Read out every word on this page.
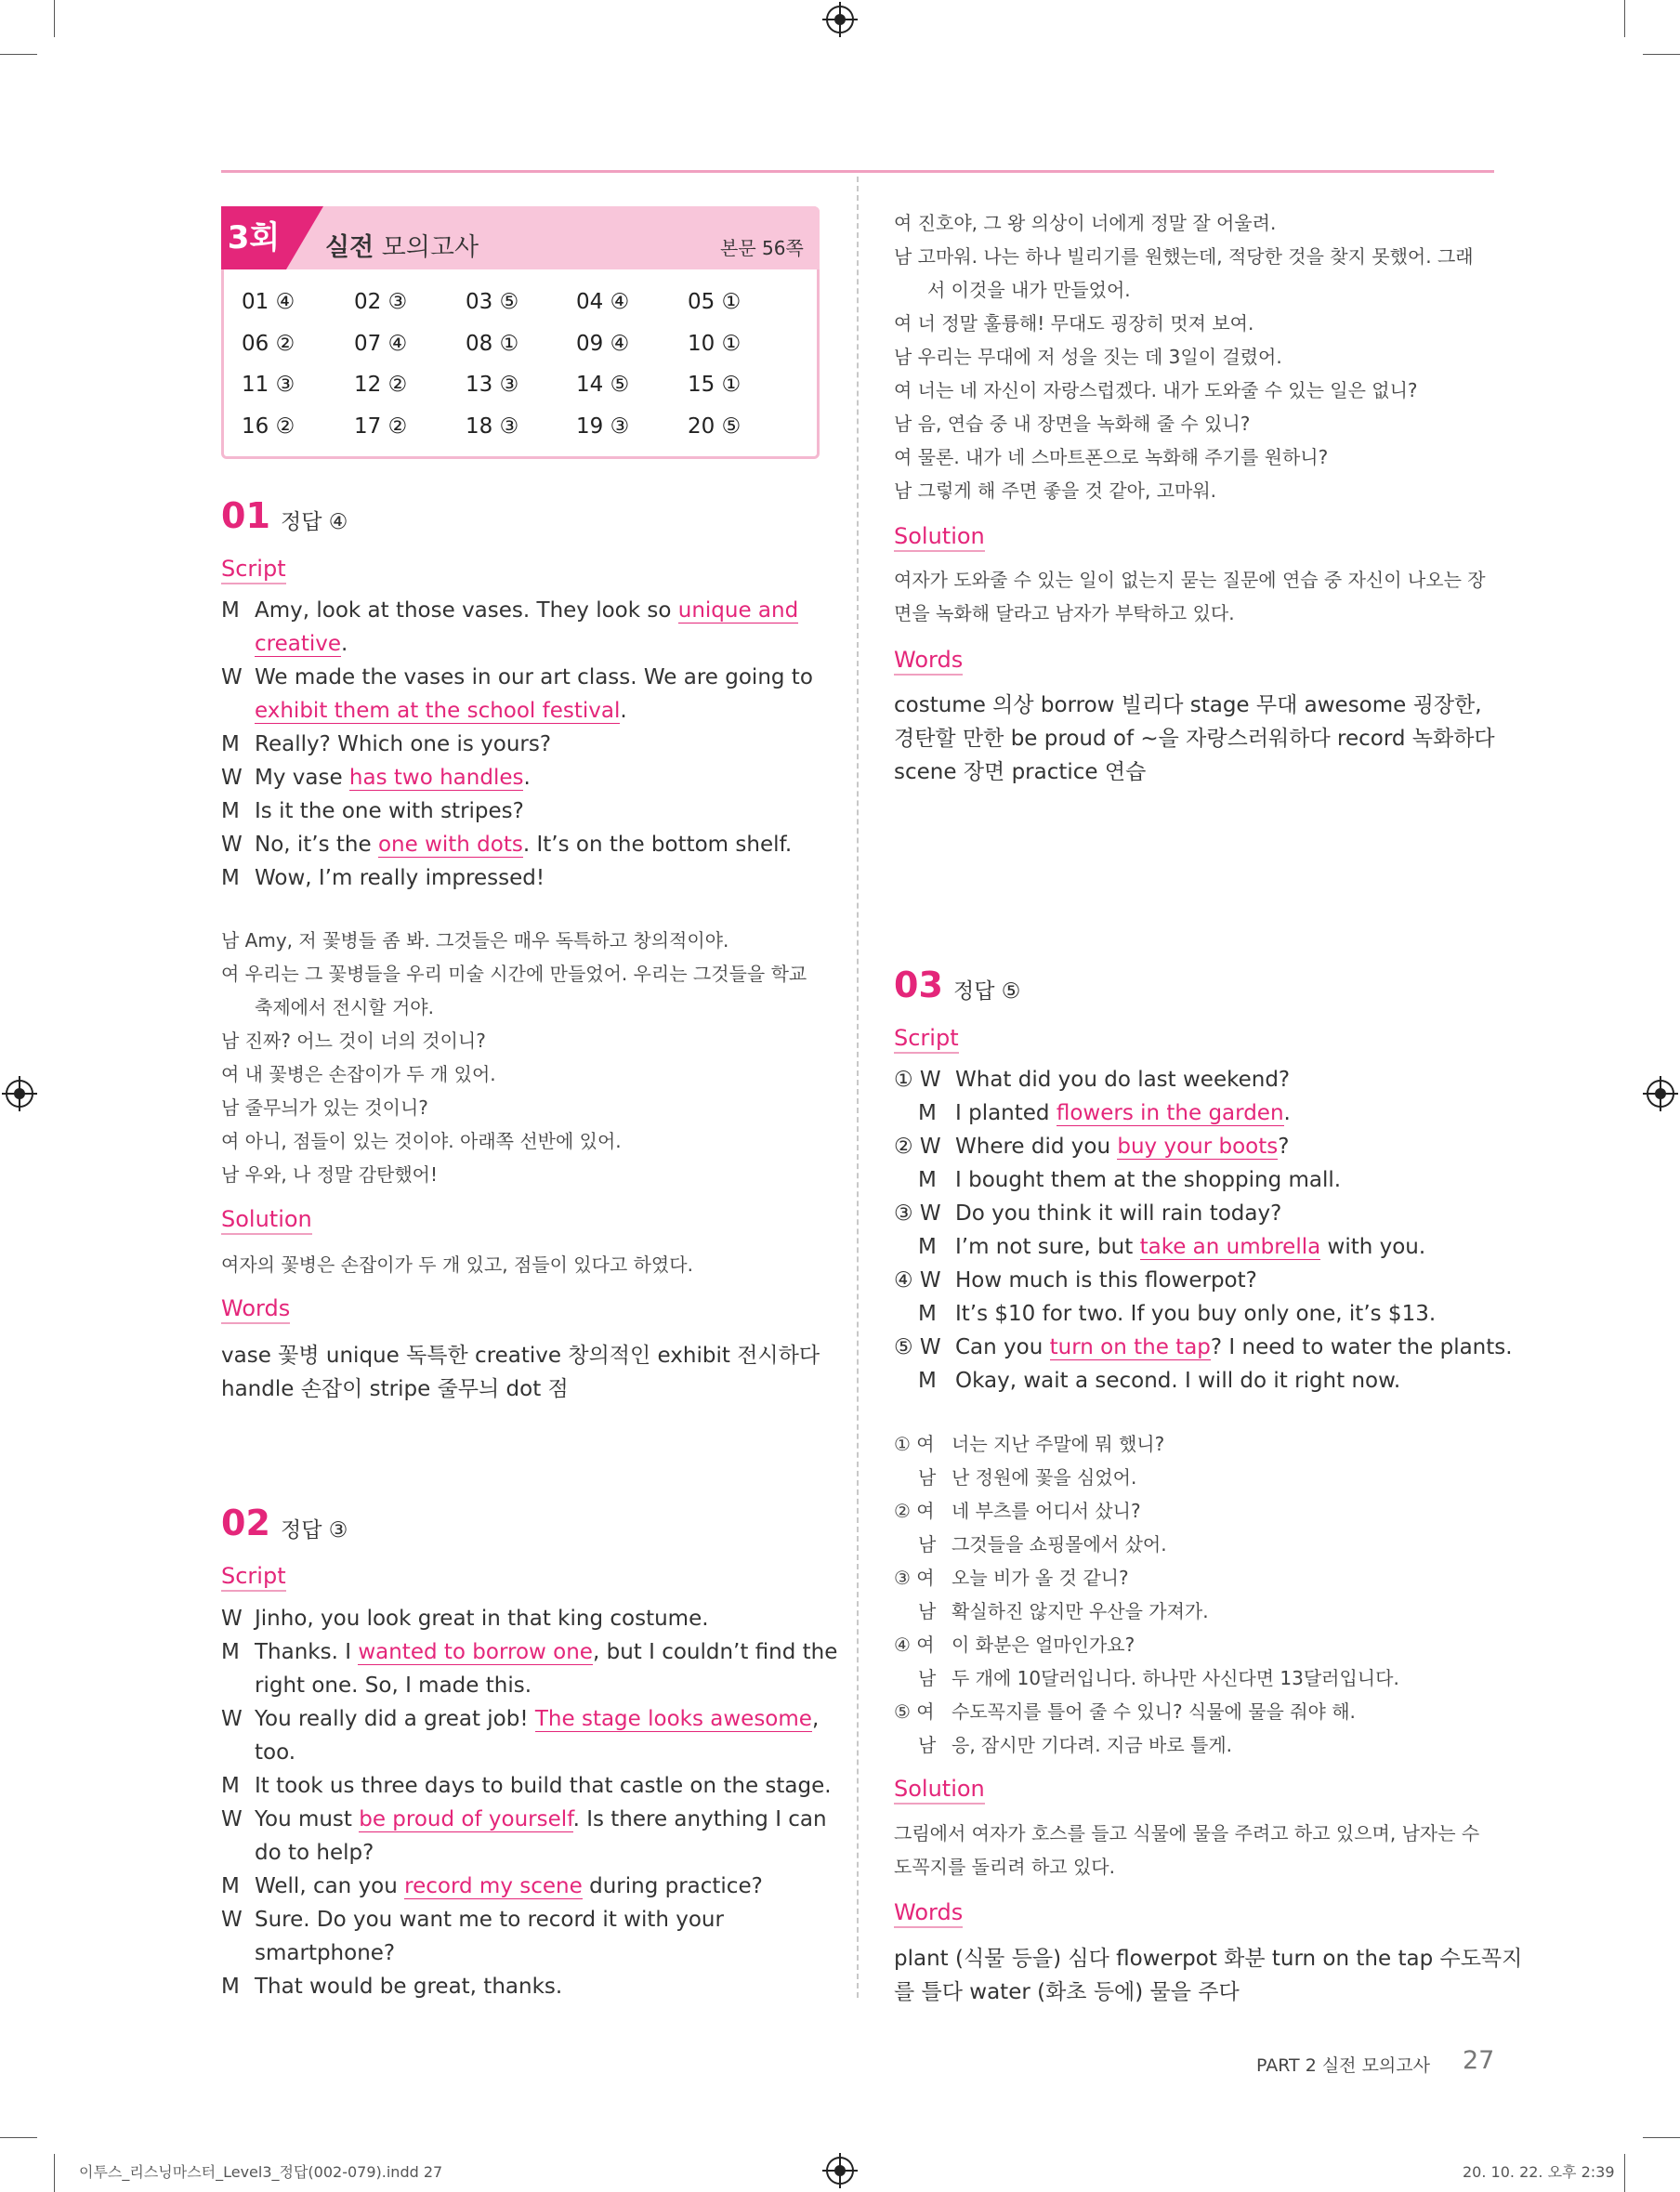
3회 실전 모의고사	본문 56쪽
01 ④	02 ③	03 ⑤	04 ④	05 ①
06 ②	07 ④	08 ①	09 ④	10 ①
11 ③	12 ②	13 ③	14 ⑤	15 ①
16 ②	17 ②	18 ③	19 ③	20 ⑤
01 정답 ④
Script
M Amy, look at those vases. They look so unique and
creative.
W We made the vases in our art class. We are going to
exhibit them at the school festival.
M Really? Which one is yours?
W My vase has two handles.
M Is it the one with stripes?
W No, it’s the one with dots. It’s on the bottom shelf.
M Wow, I’m really impressed!
남 Amy, 저 꽃병들 좀 봐. 그것들은 매우 독특하고 창의적이야.
여 우리는 그 꽃병들을 우리 미술 시간에 만들었어. 우리는 그것들을 학교
축제에서 전시할 거야.
남 진짜? 어느 것이 너의 것이니?
여 내 꽃병은 손잡이가 두 개 있어.
남 줄무늬가 있는 것이니?
여 아니, 점들이 있는 것이야. 아래쪽 선반에 있어.
남 우와, 나 정말 감탄했어!
Solution
여자의 꽃병은 손잡이가 두 개 있고, 점들이 있다고 하였다.
Words
vase 꽃병 unique 독특한 creative 창의적인 exhibit 전시하다
handle 손잡이 stripe 줄무늬 dot 점
02 정답 ③
Script
W Jinho, you look great in that king costume.
M Thanks. I wanted to borrow one, but I couldn’t find the
right one. So, I made this.
W You really did a great job! The stage looks awesome,
too.
M It took us three days to build that castle on the stage.
W You must be proud of yourself. Is there anything I can
do to help?
M Well, can you record my scene during practice?
W Sure. Do you want me to record it with your
smartphone?
M That would be great, thanks.
여 진호야, 그 왕 의상이 너에게 정말 잘 어울려.
남 고마워. 나는 하나 빌리기를 원했는데, 적당한 것을 찾지 못했어. 그래
서 이것을 내가 만들었어.
여 너 정말 훌륭해! 무대도 굉장히 멋져 보여.
남 우리는 무대에 저 성을 짓는 데 3일이 걸렸어.
여 너는 네 자신이 자랑스럽겠다. 내가 도와줄 수 있는 일은 없니?
남 음, 연습 중 내 장면을 녹화해 줄 수 있니?
여 물론. 내가 네 스마트폰으로 녹화해 주기를 원하니?
남 그렇게 해 주면 좋을 것 같아, 고마워.
Solution
여자가 도와줄 수 있는 일이 없는지 묻는 질문에 연습 중 자신이 나오는 장
면을 녹화해 달라고 남자가 부탁하고 있다.
Words
costume 의상 borrow 빌리다 stage 무대 awesome 굉장한,
경탄할 만한 be proud of ~을 자랑스러워하다 record 녹화하다
scene 장면 practice 연습
03 정답 ⑤
Script
① W What did you do last weekend?
M I planted flowers in the garden.
② W Where did you buy your boots?
M I bought them at the shopping mall.
③ W Do you think it will rain today?
M I’m not sure, but take an umbrella with you.
④ W How much is this flowerpot?
M It’s $10 for two. If you buy only one, it’s $13.
⑤ W Can you turn on the tap? I need to water the plants.
M Okay, wait a second. I will do it right now.
① 여 너는 지난 주말에 뭐 했니?
남 난 정원에 꽃을 심었어.
② 여 네 부츠를 어디서 샀니?
남 그것들을 쇼핑몰에서 샀어.
③ 여 오늘 비가 올 것 같니?
남 확실하진 않지만 우산을 가져가.
④ 여 이 화분은 얼마인가요?
남 두 개에 10달러입니다. 하나만 사신다면 13달러입니다.
⑤ 여 수도꼭지를 틀어 줄 수 있니? 식물에 물을 줘야 해.
남 응, 잠시만 기다려. 지금 바로 틀게.
Solution
그림에서 여자가 호스를 들고 식물에 물을 주려고 하고 있으며, 남자는 수
도꼭지를 돌리려 하고 있다.
Words
plant (식물 등을) 심다 flowerpot 화분 turn on the tap 수도꼭지
를 틀다 water (화초 등에) 물을 주다
PART 2 실전 모의고사 27
이투스_리스닝마스터_Level3_정답(002-079).indd 27	20. 10. 22. 오후 2:39
